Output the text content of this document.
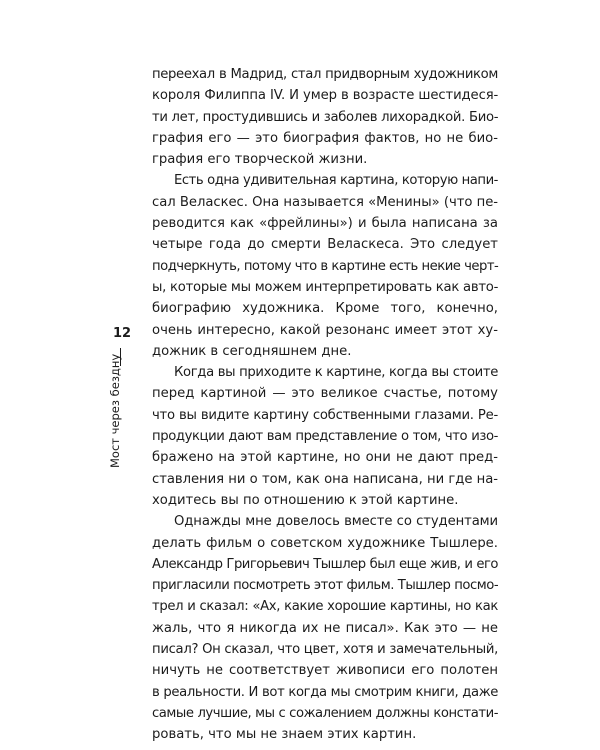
12
Мост через бездну

переехал в Мадрид, стал придворным художником
короля Филиппа IV. И умер в возрасте шестидеся-
ти лет, простудившись и заболев лихорадкой. Био-
графия его — это биография фактов, но не био-
графия его творческой жизни.

Есть одна удивительная картина, которую напи-
сал Веласкес. Она называется «Менины» (что пе-
реводится как «фрейлины») и была написана за
четыре года до смерти Веласкеса. Это следует
подчеркнуть, потому что в картине есть некие черт-
ы, которые мы можем интерпретировать как авто-
биографию художника. Кроме того, конечно,
очень интересно, какой резонанс имеет этот ху-
дожник в сегодняшнем дне.

Когда вы приходите к картине, когда вы стоите
перед картиной — это великое счастье, потому
что вы видите картину собственными глазами. Ре-
продукции дают вам представление о том, что изо-
бражено на этой картине, но они не дают пред-
ставления ни о том, как она написана, ни где на-
ходитесь вы по отношению к этой картине.

Однажды мне довелось вместе со студентами
делать фильм о советском художнике Тышлере.
Александр Григорьевич Тышлер был еще жив, и его
пригласили посмотреть этот фильм. Тышлер посмо-
трел и сказал: «Ах, какие хорошие картины, но как
жаль, что я никогда их не писал». Как это — не
писал? Он сказал, что цвет, хотя и замечательный,
ничуть не соответствует живописи его полотен
в реальности. И вот когда мы смотрим книги, даже
самые лучшие, мы с сожалением должны констати-
ровать, что мы не знаем этих картин.
